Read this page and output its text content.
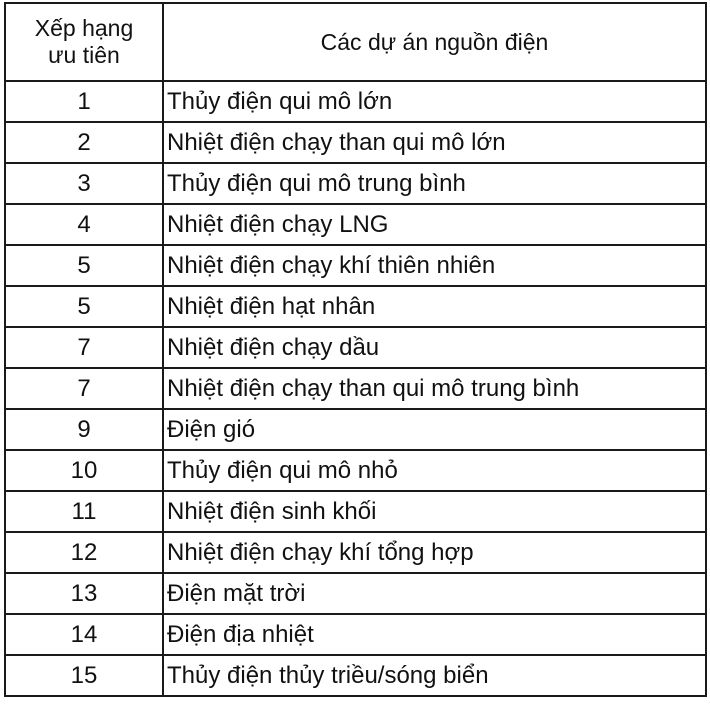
Xếp hạng
ưu tiên	Các dự án nguồn điện
1	Thủy điện qui mô lớn
2	Nhiệt điện chạy than qui mô lớn
3	Thủy điện qui mô trung bình
4	Nhiệt điện chạy LNG
5	Nhiệt điện chạy khí thiên nhiên
5	Nhiệt điện hạt nhân
7	Nhiệt điện chạy dầu
7	Nhiệt điện chạy than qui mô trung bình
9	Điện gió
10	Thủy điện qui mô nhỏ
11	Nhiệt điện sinh khối
12	Nhiệt điện chạy khí tổng hợp
13	Điện mặt trời
14	Điện địa nhiệt
15	Thủy điện thủy triều/sóng biển
